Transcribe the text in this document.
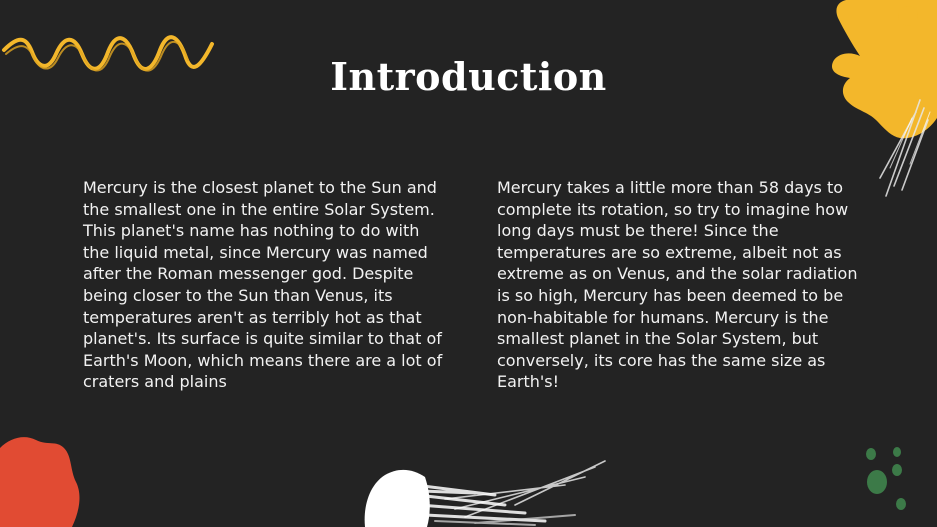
Introduction

Mercury is the closest planet to the Sun and the smallest one in the entire Solar System. This planet's name has nothing to do with the liquid metal, since Mercury was named after the Roman messenger god. Despite being closer to the Sun than Venus, its temperatures aren't as terribly hot as that planet's. Its surface is quite similar to that of Earth's Moon, which means there are a lot of craters and plains

Mercury takes a little more than 58 days to complete its rotation, so try to imagine how long days must be there! Since the temperatures are so extreme, albeit not as extreme as on Venus, and the solar radiation is so high, Mercury has been deemed to be non-habitable for humans. Mercury is the smallest planet in the Solar System, but conversely, its core has the same size as Earth's!
